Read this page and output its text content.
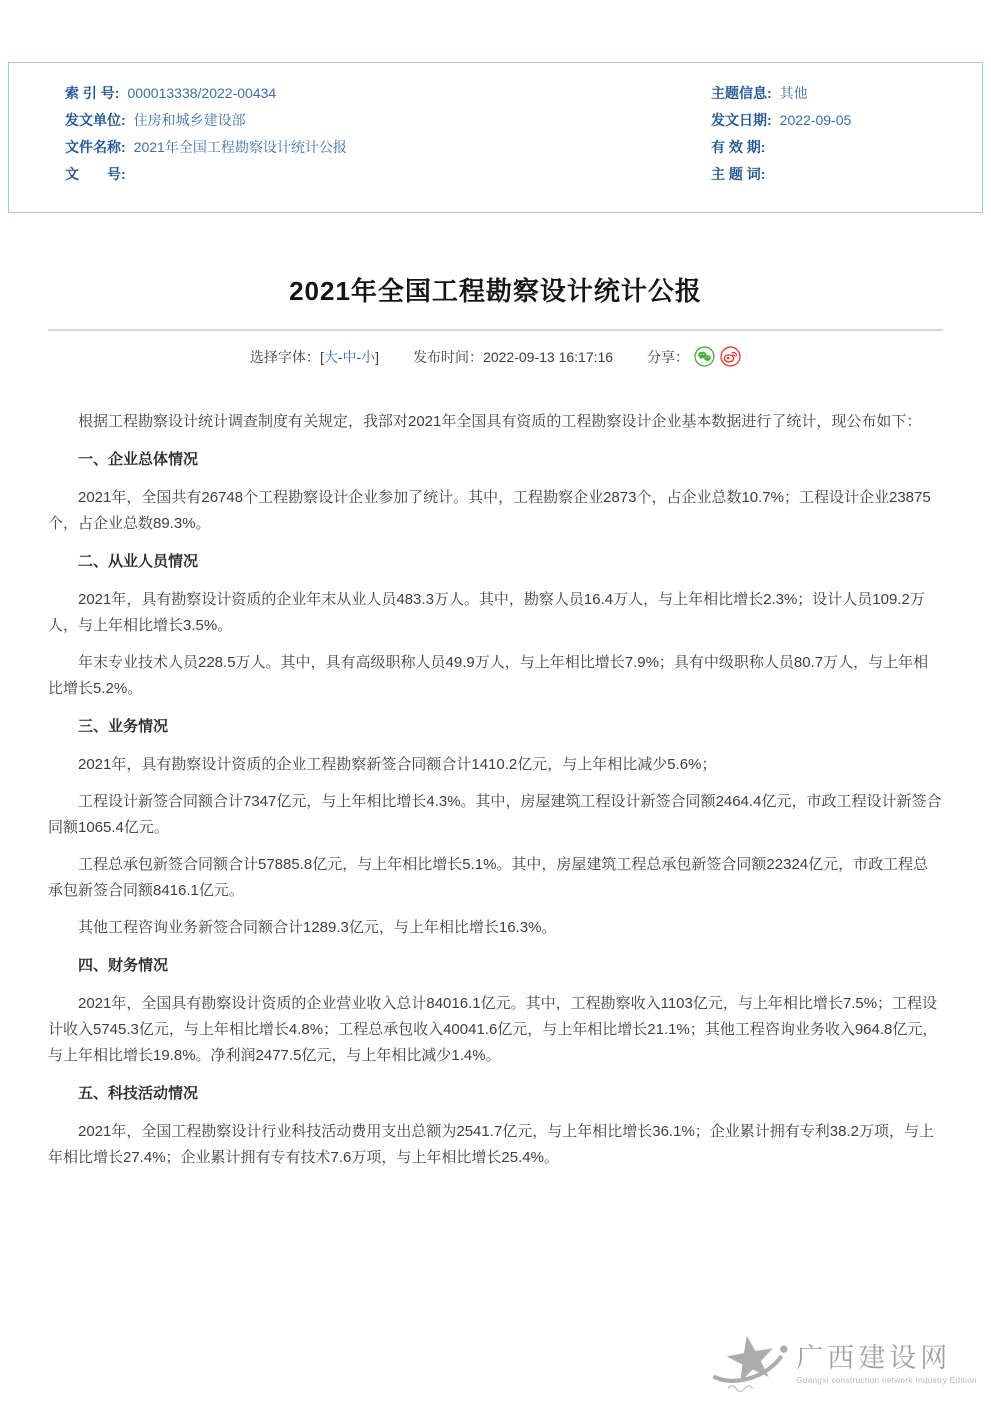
索 引 号: 000013338/2022-00434
发文单位: 住房和城乡建设部
文件名称: 2021年全国工程勘察设计统计公报
文　　号:
主题信息: 其他
发文日期: 2022-09-05
有 效 期:
主 题 词:
2021年全国工程勘察设计统计公报
选择字体： [ 大 - 中 - 小 ] 发布时间： 2022-09-13 16:17:16 分享：

根据工程勘察设计统计调查制度有关规定，我部对2021年全国具有资质的工程勘察设计企业基本数据进行了统计，现公布如下：

一、企业总体情况

2021年，全国共有26748个工程勘察设计企业参加了统计。其中，工程勘察企业2873个，占企业总数10.7%；工程设计企业23875个，占企业总数89.3%。

二、从业人员情况

2021年，具有勘察设计资质的企业年末从业人员483.3万人。其中，勘察人员16.4万人，与上年相比增长2.3%；设计人员109.2万人，与上年相比增长3.5%。

年末专业技术人员228.5万人。其中，具有高级职称人员49.9万人，与上年相比增长7.9%；具有中级职称人员80.7万人，与上年相比增长5.2%。

三、业务情况

2021年，具有勘察设计资质的企业工程勘察新签合同额合计1410.2亿元，与上年相比减少5.6%；

工程设计新签合同额合计7347亿元，与上年相比增长4.3%。其中，房屋建筑工程设计新签合同额2464.4亿元，市政工程设计新签合同额1065.4亿元。

工程总承包新签合同额合计57885.8亿元，与上年相比增长5.1%。其中，房屋建筑工程总承包新签合同额22324亿元，市政工程总承包新签合同额8416.1亿元。

其他工程咨询业务新签合同额合计1289.3亿元，与上年相比增长16.3%。

四、财务情况

2021年，全国具有勘察设计资质的企业营业收入总计84016.1亿元。其中，工程勘察收入1103亿元，与上年相比增长7.5%；工程设计收入5745.3亿元，与上年相比增长4.8%；工程总承包收入40041.6亿元，与上年相比增长21.1%；其他工程咨询业务收入964.8亿元，与上年相比增长19.8%。净利润2477.5亿元，与上年相比减少1.4%。

五、科技活动情况

2021年，全国工程勘察设计行业科技活动费用支出总额为2541.7亿元，与上年相比增长36.1%；企业累计拥有专利38.2万项，与上年相比增长27.4%；企业累计拥有专有技术7.6万项，与上年相比增长25.4%。

广西建设网
Guangxi construction network Industry Edition
